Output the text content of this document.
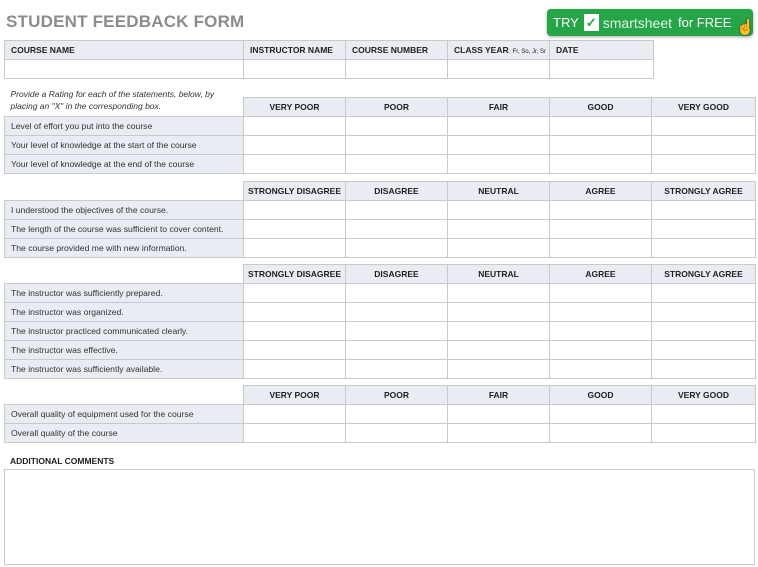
STUDENT FEEDBACK FORM	TRY ✓ smartsheet for FREE ☝
COURSE NAME	INSTRUCTOR NAME	COURSE NUMBER	CLASS YEAR Fr, So, Jr, Sr	DATE

Provide a Rating for each of the statements, below, by placing an "X" in the corresponding box.					
	VERY POOR	POOR	FAIR	GOOD	VERY GOOD
Level of effort you put into the course					
Your level of knowledge at the start of the course					
Your level of knowledge at the end of the course					
	STRONGLY DISAGREE	DISAGREE	NEUTRAL	AGREE	STRONGLY AGREE
I understood the objectives of the course.					
The length of the course was sufficient to cover content.					
The course provided me with new information.					
	STRONGLY DISAGREE	DISAGREE	NEUTRAL	AGREE	STRONGLY AGREE
The instructor was sufficiently prepared.					
The instructor was organized.					
The instructor practiced communicated clearly.					
The instructor was effective.					
The instructor was sufficiently available.					
	VERY POOR	POOR	FAIR	GOOD	VERY GOOD
Overall quality of equipment used for the course					
Overall quality of the course					
ADDITIONAL COMMENTS
